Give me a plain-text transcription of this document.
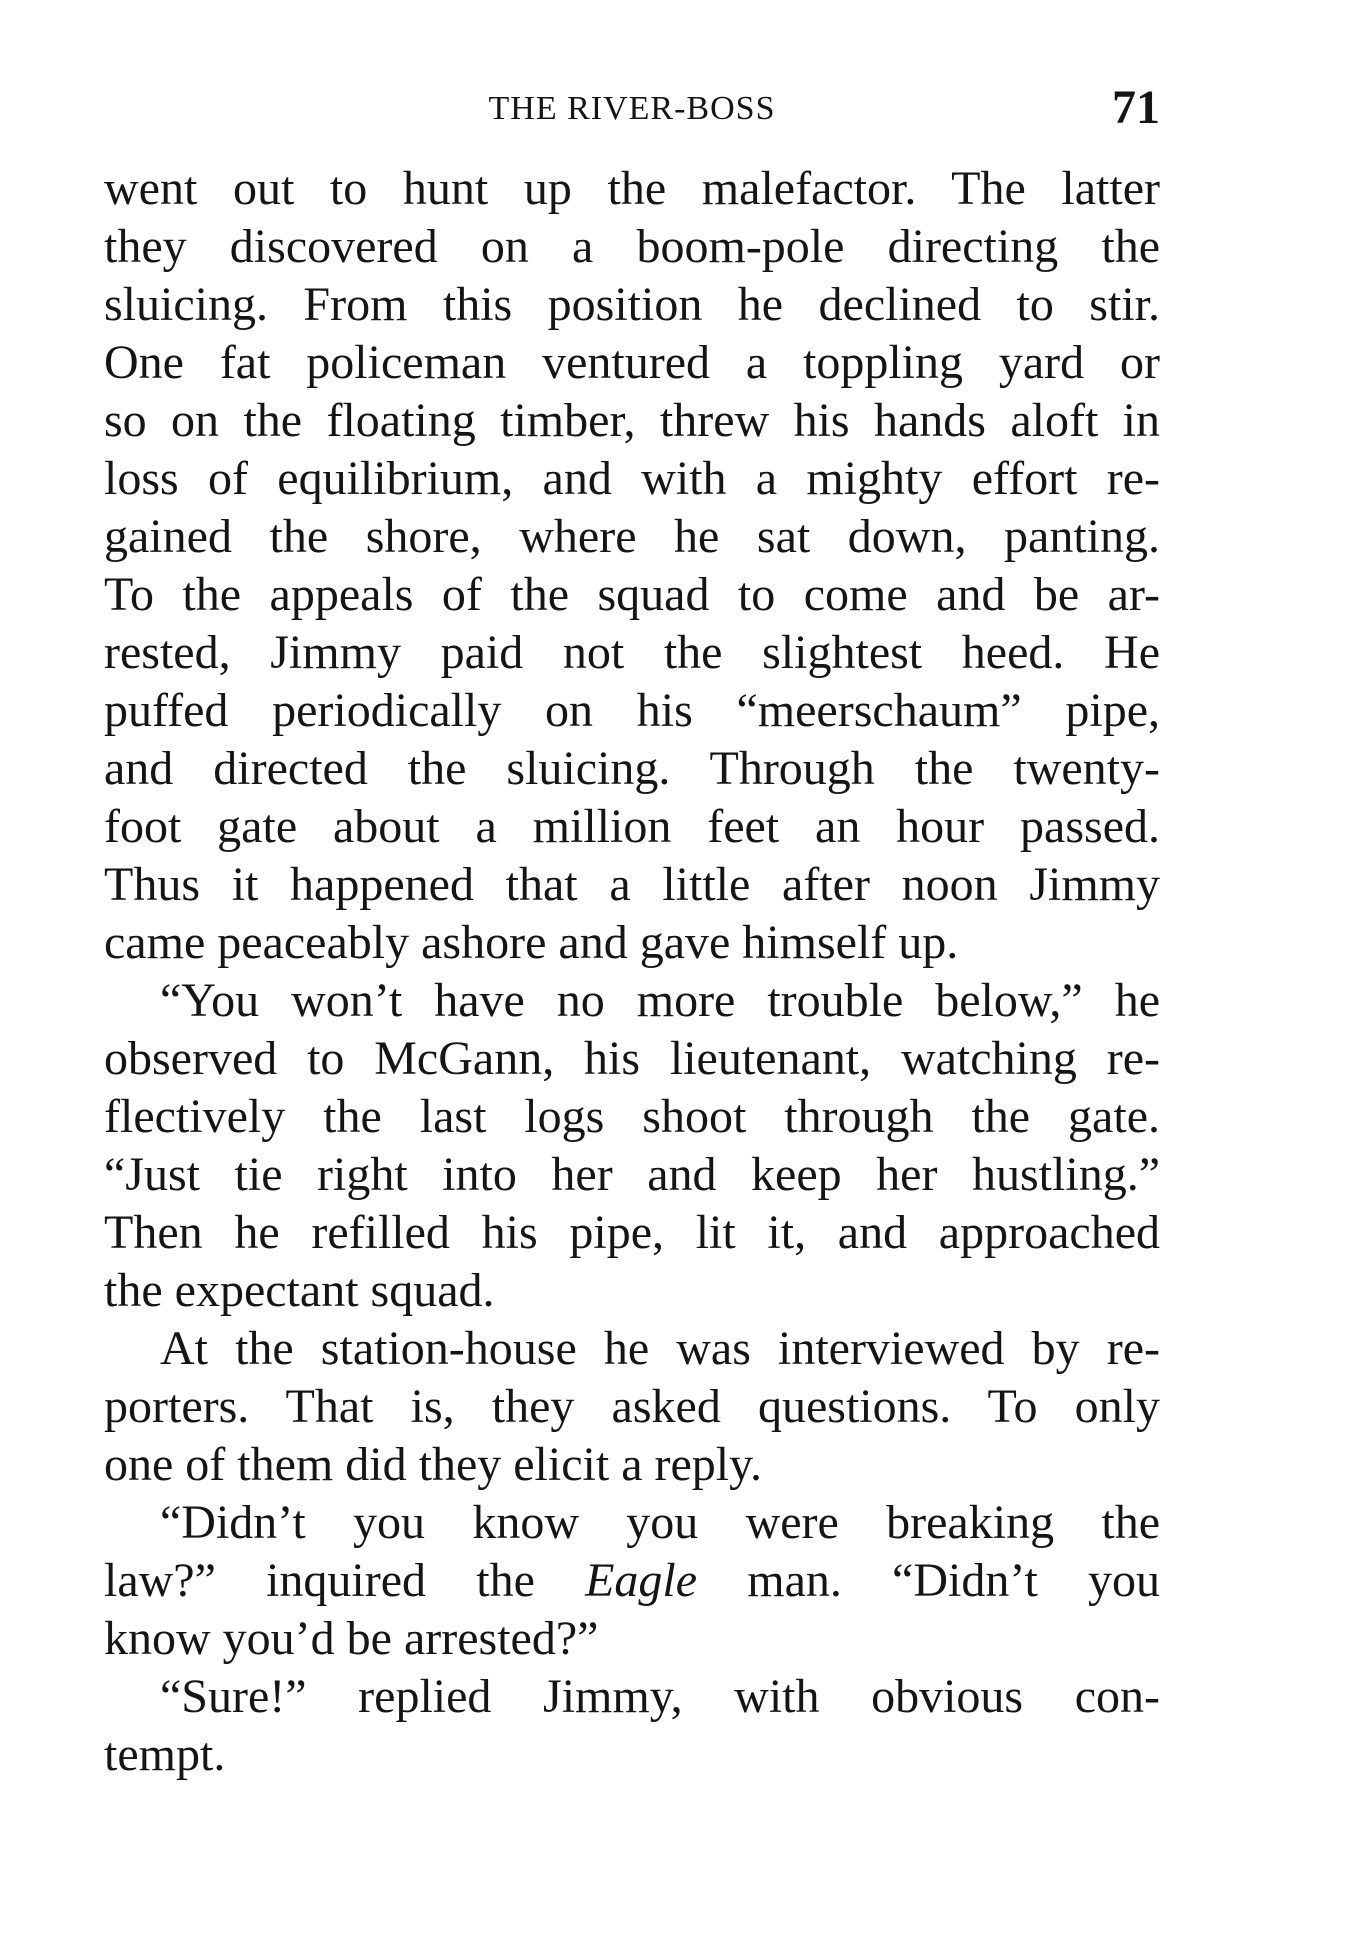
THE RIVER-BOSS	71
went out to hunt up the malefactor. The latter
they discovered on a boom-pole directing the
sluicing. From this position he declined to stir.
One fat policeman ventured a toppling yard or
so on the floating timber, threw his hands aloft in
loss of equilibrium, and with a mighty effort re-
gained the shore, where he sat down, panting.
To the appeals of the squad to come and be ar-
rested, Jimmy paid not the slightest heed. He
puffed periodically on his “meerschaum” pipe,
and directed the sluicing. Through the twenty-
foot gate about a million feet an hour passed.
Thus it happened that a little after noon Jimmy
came peaceably ashore and gave himself up.
“You won’t have no more trouble below,” he
observed to McGann, his lieutenant, watching re-
flectively the last logs shoot through the gate.
“Just tie right into her and keep her hustling.”
Then he refilled his pipe, lit it, and approached
the expectant squad.
At the station-house he was interviewed by re-
porters. That is, they asked questions. To only
one of them did they elicit a reply.
“Didn’t you know you were breaking the
law?” inquired the Eagle man. “Didn’t you
know you’d be arrested?”
“Sure!” replied Jimmy, with obvious con-
tempt.
